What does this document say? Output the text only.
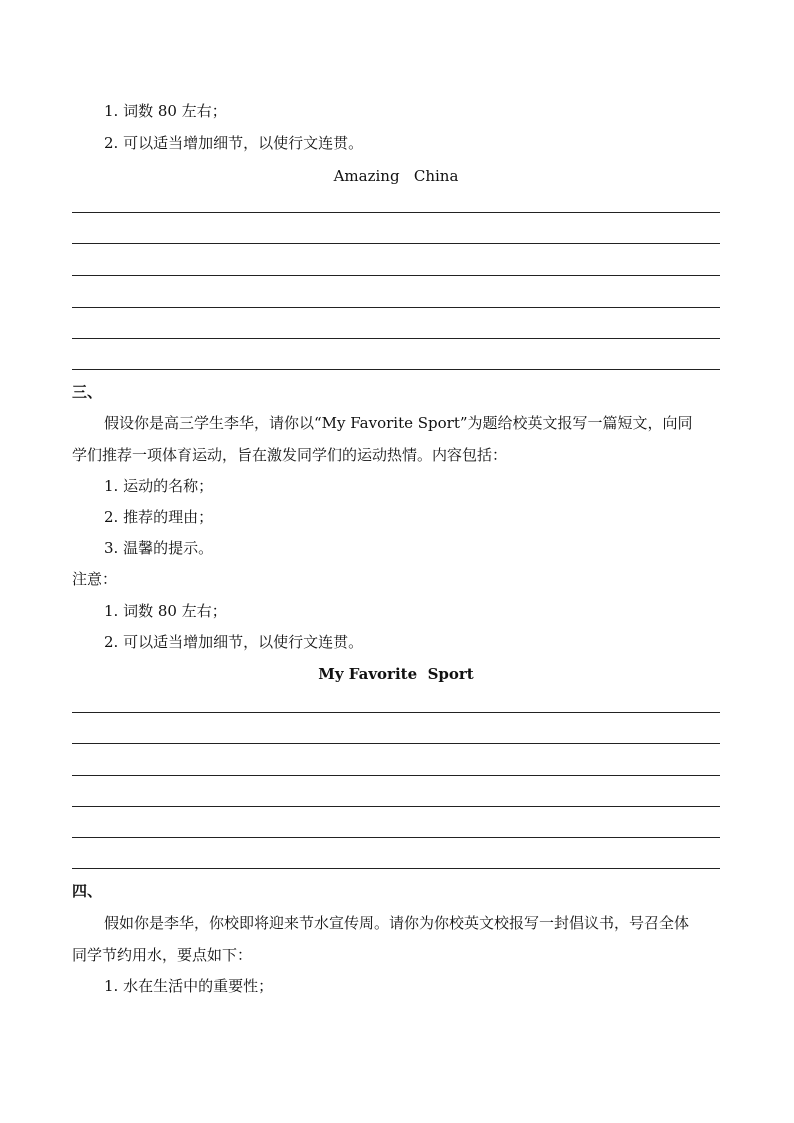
1. 词数 80 左右；
2. 可以适当增加细节，以使行文连贯。
Amazing   China
三、
假设你是高三学生李华，请你以“My Favorite Sport”为题给校英文报写一篇短文，向同
学们推荐一项体育运动，旨在激发同学们的运动热情。内容包括：
1. 运动的名称；
2. 推荐的理由；
3. 温馨的提示。
注意：
1. 词数 80 左右；
2. 可以适当增加细节，以使行文连贯。
My Favorite  Sport
四、
假如你是李华，你校即将迎来节水宣传周。请你为你校英文校报写一封倡议书，号召全体
同学节约用水，要点如下：
1. 水在生活中的重要性；
